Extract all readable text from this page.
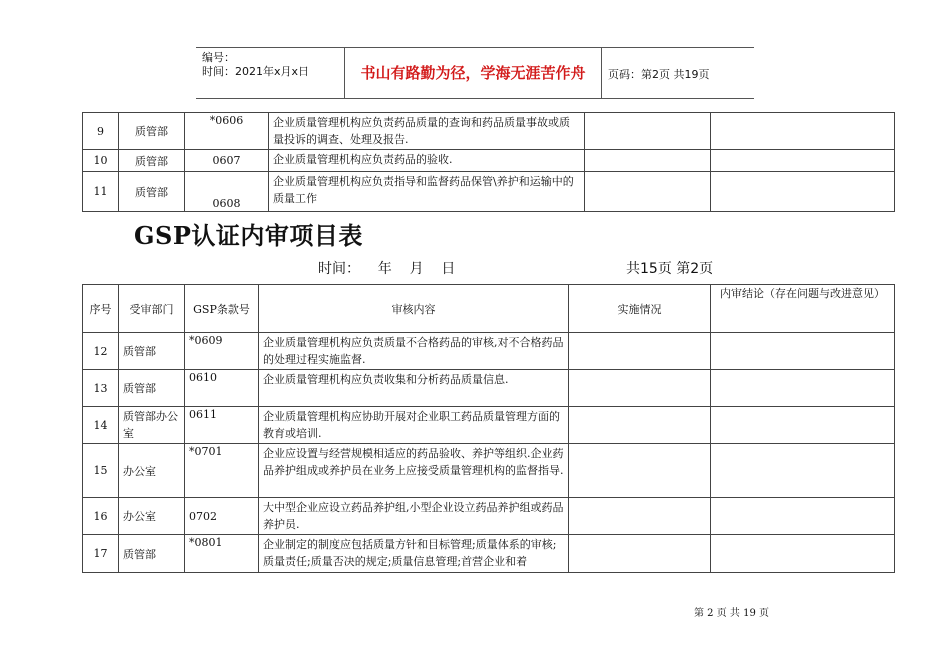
编号：
时间：2021年x月x日	书山有路勤为径，学海无涯苦作舟	页码：第2页 共19页
9	质管部	*0606	企业质量管理机构应负责药品质量的查询和药品质量事故或质量投诉的调查、处理及报告.		
10	质管部	0607	企业质量管理机构应负责药品的验收.		
11	质管部	0608	企业质量管理机构应负责指导和监督药品保管\养护和运输中的质量工作		
GSP认证内审项目表
时间：    年    月    日	共15页 第2页
序号	受审部门	GSP条款号	审核内容	实施情况	内审结论（存在问题与改进意见）
12	质管部	*0609	企业质量管理机构应负责质量不合格药品的审核,对不合格药品的处理过程实施监督.		
13	质管部	0610	企业质量管理机构应负责收集和分析药品质量信息.		
14	质管部办公室	0611	企业质量管理机构应协助开展对企业职工药品质量管理方面的教育或培训.		
15	办公室	*0701	企业应设置与经营规模相适应的药品验收、养护等组织.企业药品养护组成或养护员在业务上应接受质量管理机构的监督指导.		
16	办公室	0702	大中型企业应设立药品养护组,小型企业设立药品养护组或药品养护员.		
17	质管部	*0801	企业制定的制度应包括质量方针和目标管理;质量体系的审核;质量责任;质量否决的规定;质量信息管理;首营企业和着		
第 2 页 共 19 页
